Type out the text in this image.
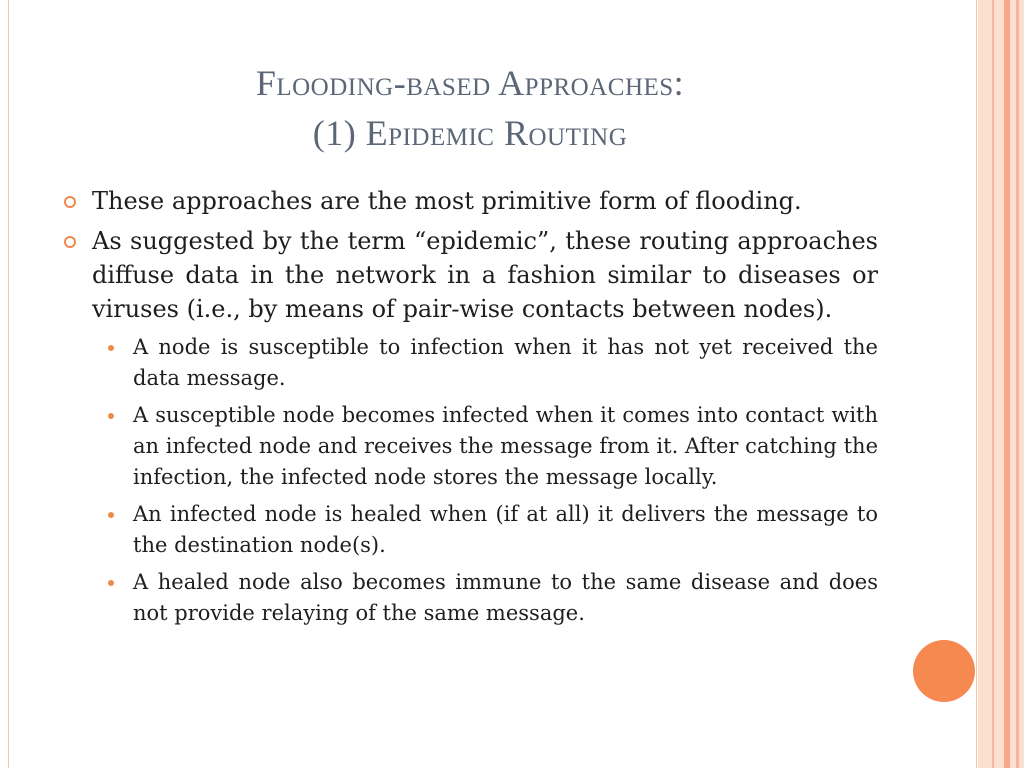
Flooding-based Approaches:
(1) Epidemic Routing
These approaches are the most primitive form of flooding.
As suggested by the term “epidemic”, these routing approaches diffuse data in the network in a fashion similar to diseases or viruses (i.e., by means of pair-wise contacts between nodes).
A node is susceptible to infection when it has not yet received the data message.
A susceptible node becomes infected when it comes into contact with an infected node and receives the message from it. After catching the infection, the infected node stores the message locally.
An infected node is healed when (if at all) it delivers the message to the destination node(s).
A healed node also becomes immune to the same disease and does not provide relaying of the same message.
